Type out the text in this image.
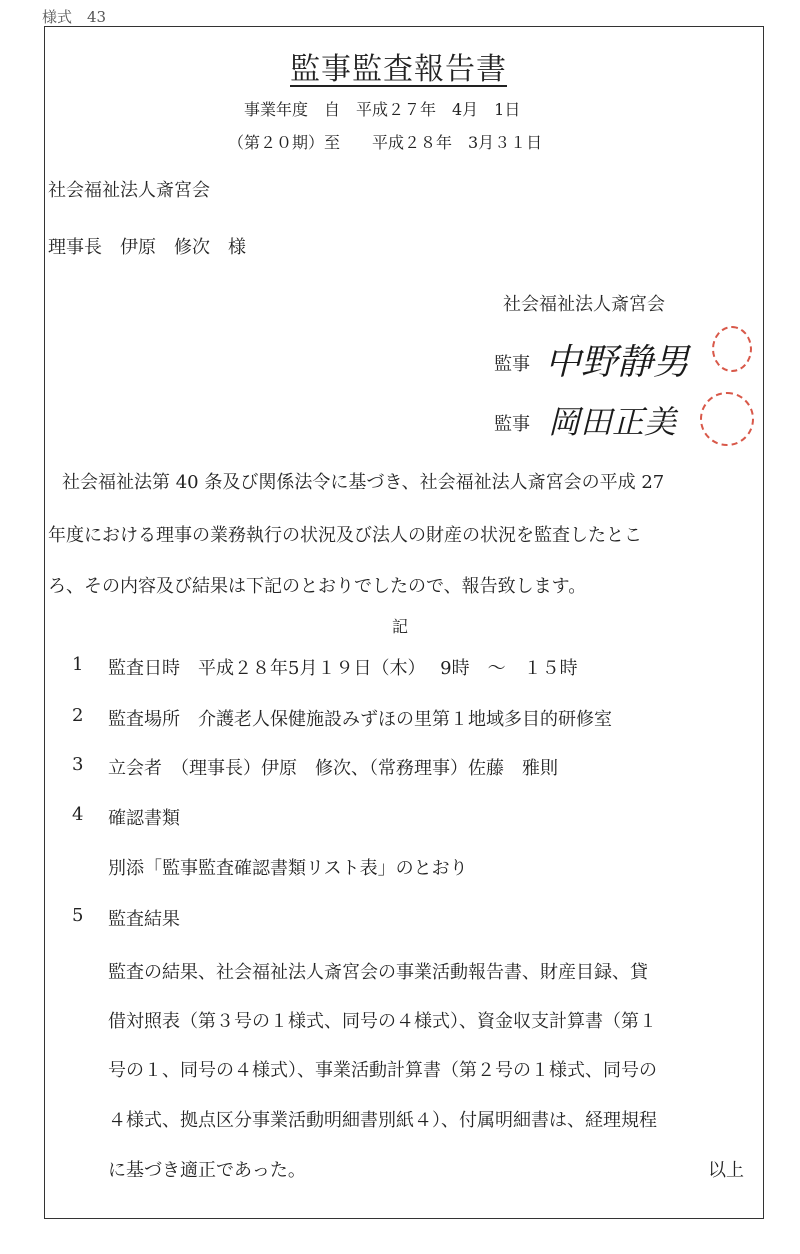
様式　43
監事監査報告書
事業年度　自　平成２７年　4月　1日
（第２０期）至　　平成２８年　3月３１日
社会福祉法人斎宮会
理事長　伊原　修次　様
社会福祉法人斎宮会
監事 中野静男
監事 岡田正美
社会福祉法第 40 条及び関係法令に基づき、社会福祉法人斎宮会の平成 27
年度における理事の業務執行の状況及び法人の財産の状況を監査したとこ
ろ、その内容及び結果は下記のとおりでしたので、報告致します。
記
1 監査日時　平成２８年5月１９日（木）　 9時　～　１５時
2 監査場所　介護老人保健施設みずほの里第１地域多目的研修室
3 立会者　（理事長）伊原　修次、（常務理事）佐藤　雅則
4 確認書類
別添「監事監査確認書類リスト表」のとおり
5 監査結果
監査の結果、社会福祉法人斎宮会の事業活動報告書、財産目録、貸
借対照表（第３号の１様式、同号の４様式）、資金収支計算書（第１
号の１、同号の４様式）、事業活動計算書（第２号の１様式、同号の
４様式、拠点区分事業活動明細書別紙４）、付属明細書は、経理規程
に基づき適正であった。	以上
